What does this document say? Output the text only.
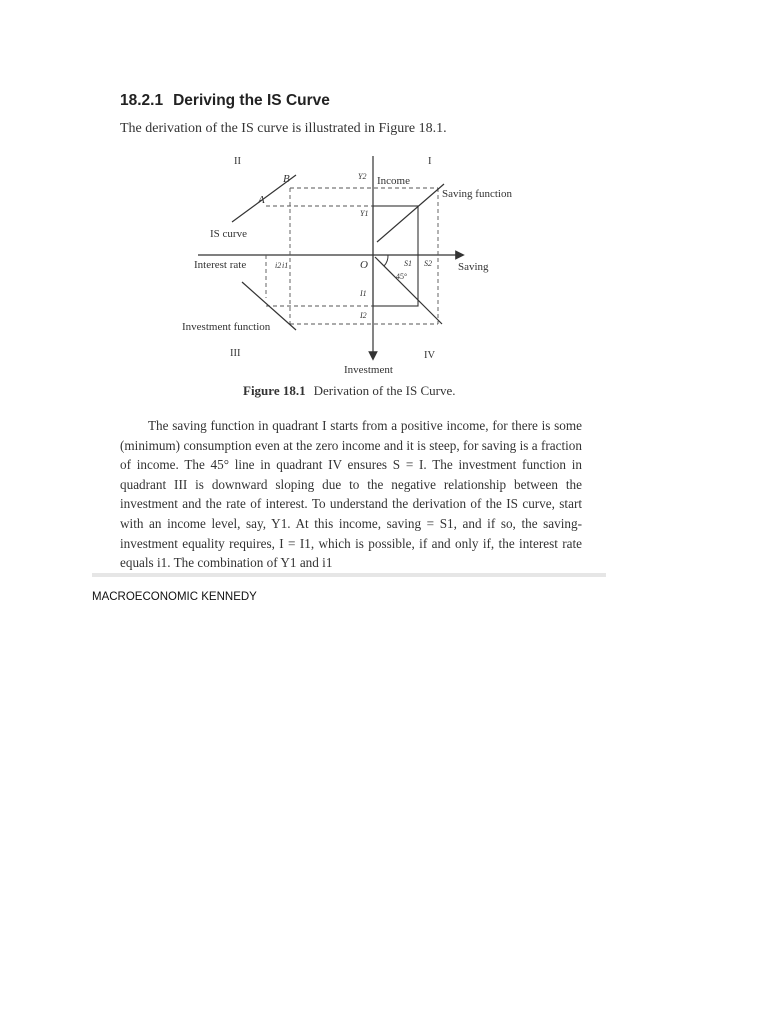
18.2.1 Deriving the IS Curve

The derivation of the IS curve is illustrated in Figure 18.1.

II	I
III	IV
Income
Saving
Investment
Interest rate	O
Saving function
IS curve
Investment function
45°
A
B	Y2
Y1
S1 S2
i2 i1
I1
I2
Figure 18.1 Derivation of the IS Curve.

The saving function in quadrant I starts from a positive income, for there is some (minimum) consumption even at the zero income and it is steep, for saving is a fraction of income. The 45° line in quadrant IV ensures S = I. The investment function in quadrant III is downward sloping due to the negative relationship between the investment and the rate of interest. To understand the derivation of the IS curve, start with an income level, say, Y1. At this income, saving = S1, and if so, the saving-investment equality requires, I = I1, which is possible, if and only if, the interest rate equals i1. The combination of Y1 and i1

MACROECONOMIC KENNEDY
